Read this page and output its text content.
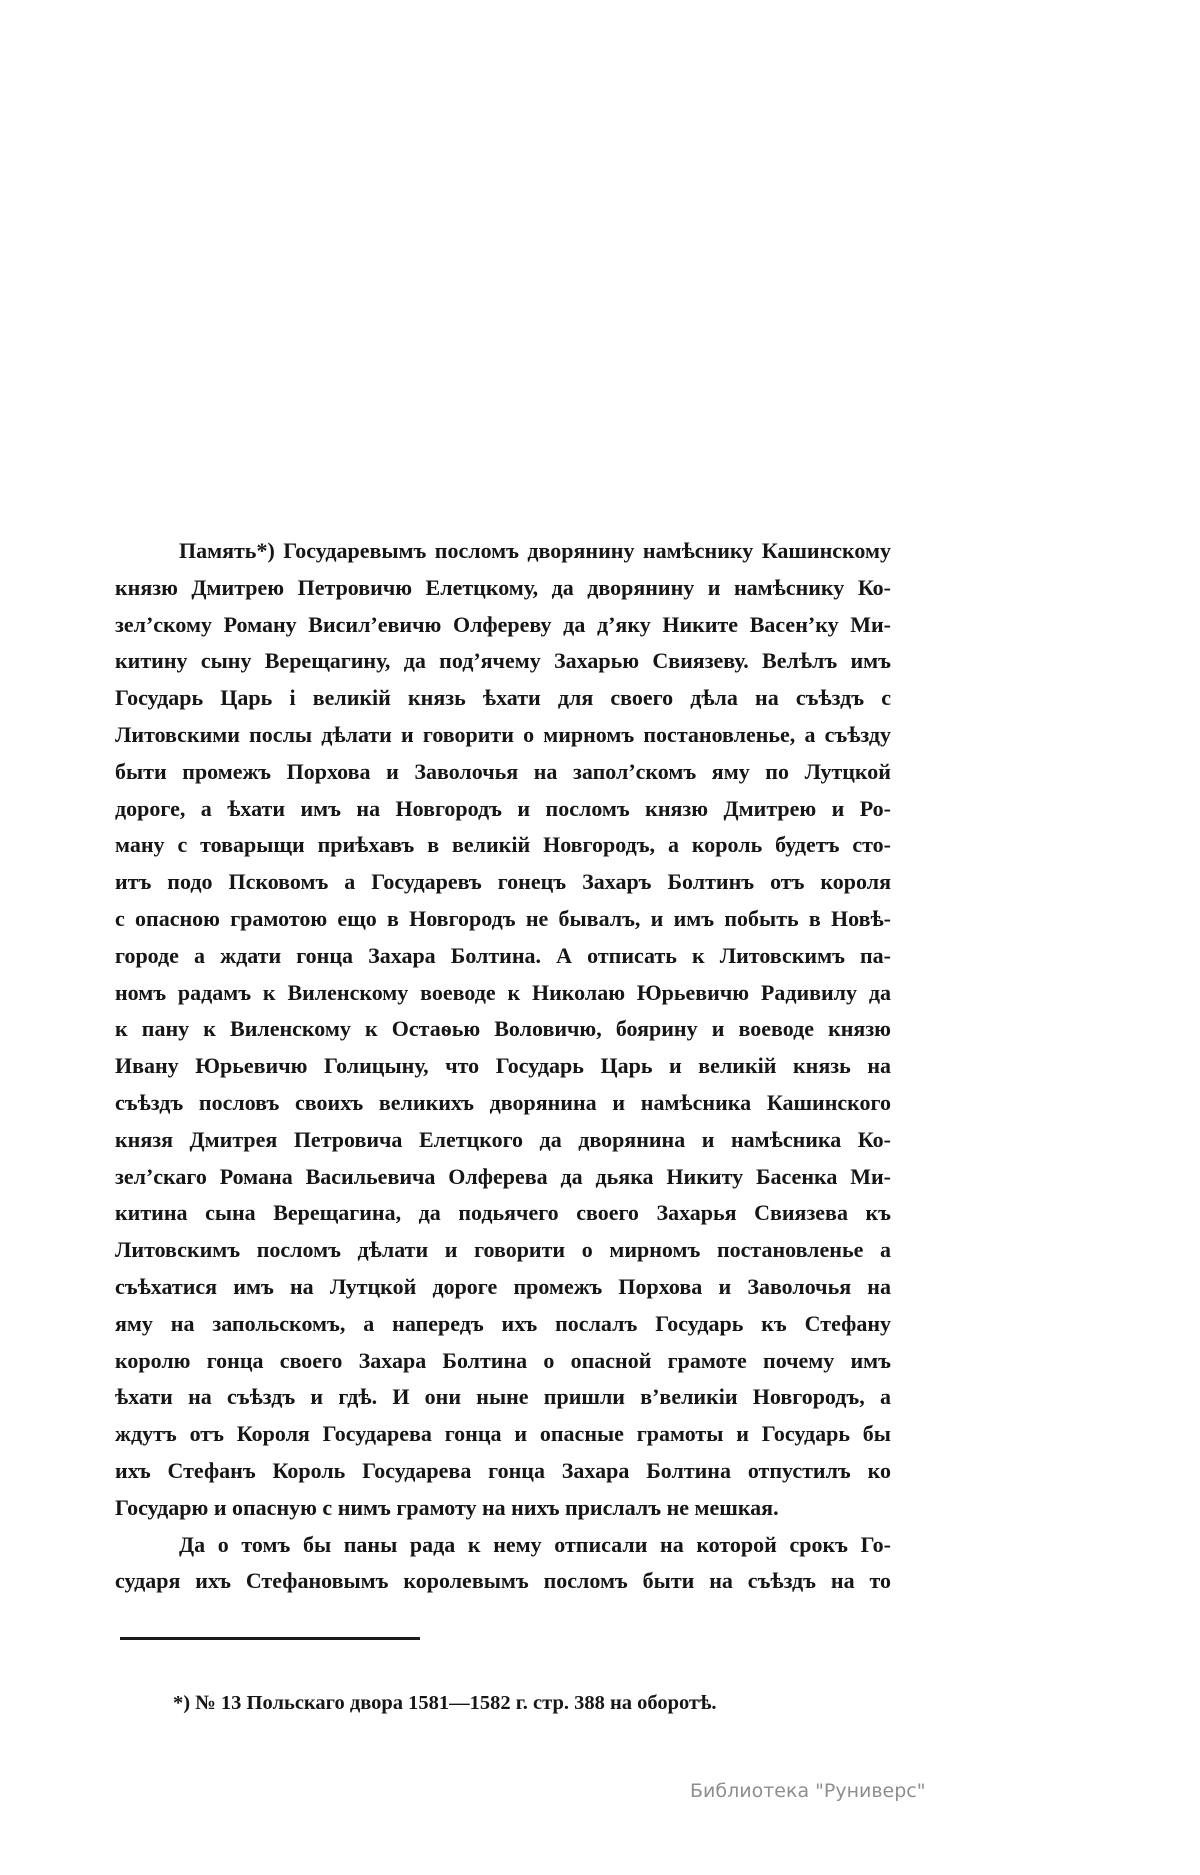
Память*) Государевымъ посломъ дворянину намѣснику Кашинскому
князю Дмитрею Петровичю Елетцкому, да дворянину и намѣснику Ко-
зел’скому Роману Висил’евичю Олфереву да д’яку Никите Васен’ку Ми-
китину сыну Верещагину, да под’ячему Захарью Свиязеву. Велѣлъ имъ
Государь Царь і великій князь ѣхати для своего дѣла на съѣздъ с
Литовскими послы дѣлати и говорити о мирномъ постановленье, а съѣзду
быти промежъ Порхова и Заволочья на запол’скомъ яму по Лутцкой
дороге, а ѣхати имъ на Новгородъ и посломъ князю Дмитрею и Ро-
ману с товарыщи приѣхавъ в великій Новгородъ, а король будетъ сто-
итъ подо Псковомъ а Государевъ гонецъ Захаръ Болтинъ отъ короля
с опасною грамотою ещо в Новгородъ не бывалъ, и имъ побыть в Новѣ-
городе а ждати гонца Захара Болтина. А отписать к Литовскимъ па-
номъ радамъ к Виленскому воеводе к Николаю Юрьевичю Радивилу да
к пану к Виленскому к Остаѳью Воловичю, боярину и воеводе князю
Ивану Юрьевичю Голицыну, что Государь Царь и великій князь на
съѣздъ пословъ своихъ великихъ дворянина и намѣсника Кашинского
князя Дмитрея Петровича Елетцкого да дворянина и намѣсника Ко-
зел’скаго Романа Васильевича Олферева да дьяка Никиту Басенка Ми-
китина сына Верещагина, да подьячего своего Захарья Свиязева къ
Литовскимъ посломъ дѣлати и говорити о мирномъ постановленье а
съѣхатися имъ на Лутцкой дороге промежъ Порхова и Заволочья на
яму на запольскомъ, а напередъ ихъ послалъ Государь къ Стефану
королю гонца своего Захара Болтина о опасной грамоте почему имъ
ѣхати на съѣздъ и гдѣ. И они ныне пришли в’великіи Новгородъ, а
ждутъ отъ Короля Государева гонца и опасные грамоты и Государь бы
ихъ Стефанъ Король Государева гонца Захара Болтина отпустилъ ко
Государю и опасную с нимъ грамоту на нихъ прислалъ не мешкая.
Да о томъ бы паны рада к нему отписали на которой срокъ Го-
сударя ихъ Стефановымъ королевымъ посломъ быти на съѣздъ на то
*) № 13 Польскаго двора 1581—1582 г. стр. 388 на оборотѣ.
Библиотека "Руниверс"
